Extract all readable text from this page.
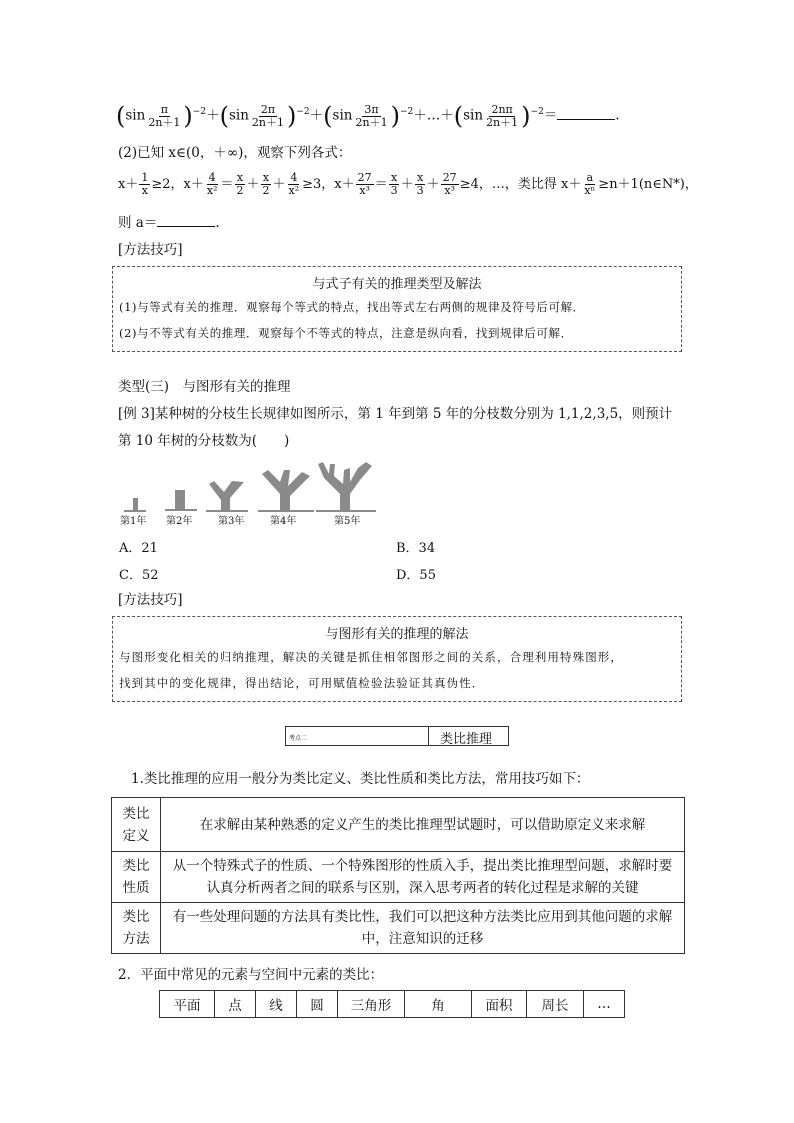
$(\sin \frac{\pi}{2n+1} )^{-2}+(\sin \frac{2\pi}{2n+1} )^{-2}+(\sin \frac{3\pi}{2n+1}$ )$^{-2}$＋…＋(sin $\frac{2n\pi}{2n+1} )^{-2}=$	.
(2)已知 x∈(0，＋∞)，观察下列各式：
$x+ \frac{1}{x} \ge 2$，$x+ \frac{4}{\text{x²}} = \frac{x}{2} + \frac{x}{2} + \frac{4}{\text{x²}} \ge 3$，$x+ \frac{27}{\text{x³}} = \frac{x}{3} + \frac{x}{3} + \frac{27}{\text{x³}} \ge 4$，…，类比得 $x+ \frac{a}{\text{xⁿ}}$ ≥n＋1(n∈N*)，
则 a＝	.
[方法技巧]
与式子有关的推理类型及解法
(1)与等式有关的推理．观察每个等式的特点，找出等式左右两侧的规律及符号后可解．
(2)与不等式有关的推理．观察每个不等式的特点，注意是纵向看，找到规律后可解．
类型(三)　与图形有关的推理
[例 3]某种树的分枝生长规律如图所示，第 1 年到第 5 年的分枝数分别为 1,1,2,3,5，则预计
第 10 年树的分枝数为(　　)
第1年 第2年	第3年	第4年	第5年
A．21	B．34
C．52	D．55
[方法技巧]
与图形有关的推理的解法
与图形变化相关的归纳推理，解决的关键是抓住相邻图形之间的关系，合理利用特殊图形，
找到其中的变化规律，得出结论，可用赋值检验法验证其真伪性．
考点二	类比推理
1.类比推理的应用一般分为类比定义、类比性质和类比方法，常用技巧如下：
类比
定义	在求解由某种熟悉的定义产生的类比推理型试题时，可以借助原定义来求解
类比
性质	从一个特殊式子的性质、一个特殊图形的性质入手，提出类比推理型问题，求解时要认真分析两者之间的联系与区别，深入思考两者的转化过程是求解的关键
类比
方法	有一些处理问题的方法具有类比性，我们可以把这种方法类比应用到其他问题的求解中，注意知识的迁移
2．平面中常见的元素与空间中元素的类比：
平面	点	线	圆	三角形	角	面积	周长	…
